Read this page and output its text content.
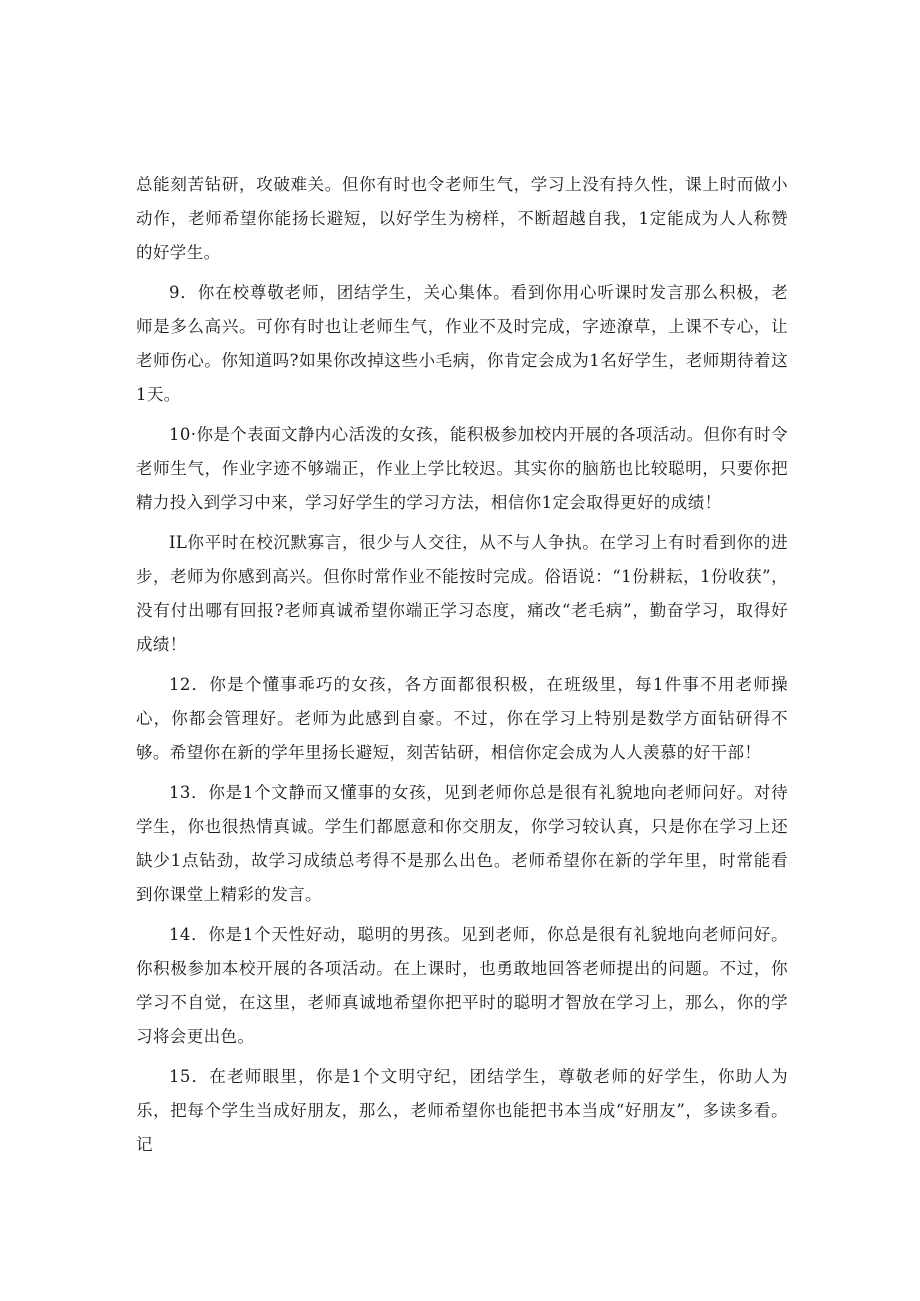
总能刻苦钻研，攻破难关。但你有时也令老师生气，学习上没有持久性，课上时而做小动作，老师希望你能扬长避短，以好学生为榜样，不断超越自我，1定能成为人人称赞的好学生。

9．你在校尊敬老师，团结学生，关心集体。看到你用心听课时发言那么积极，老师是多么高兴。可你有时也让老师生气，作业不及时完成，字迹潦草，上课不专心，让老师伤心。你知道吗?如果你改掉这些小毛病，你肯定会成为1名好学生，老师期待着这1天。

10·你是个表面文静内心活泼的女孩，能积极参加校内开展的各项活动。但你有时令老师生气，作业字迹不够端正，作业上学比较迟。其实你的脑筋也比较聪明，只要你把精力投入到学习中来，学习好学生的学习方法，相信你1定会取得更好的成绩！

IL你平时在校沉默寡言，很少与人交往，从不与人争执。在学习上有时看到你的进步，老师为你感到高兴。但你时常作业不能按时完成。俗语说：“1份耕耘，1份收获”，没有付出哪有回报?老师真诚希望你端正学习态度，痛改“老毛病”，勤奋学习，取得好成绩！

12．你是个懂事乖巧的女孩，各方面都很积极，在班级里，每1件事不用老师操心，你都会管理好。老师为此感到自豪。不过，你在学习上特别是数学方面钻研得不够。希望你在新的学年里扬长避短，刻苦钻研，相信你定会成为人人羡慕的好干部！

13．你是1个文静而又懂事的女孩，见到老师你总是很有礼貌地向老师问好。对待学生，你也很热情真诚。学生们都愿意和你交朋友，你学习较认真，只是你在学习上还缺少1点钻劲，故学习成绩总考得不是那么出色。老师希望你在新的学年里，时常能看到你课堂上精彩的发言。

14．你是1个天性好动，聪明的男孩。见到老师，你总是很有礼貌地向老师问好。你积极参加本校开展的各项活动。在上课时，也勇敢地回答老师提出的问题。不过，你学习不自觉，在这里，老师真诚地希望你把平时的聪明才智放在学习上，那么，你的学习将会更出色。

15．在老师眼里，你是1个文明守纪，团结学生，尊敬老师的好学生，你助人为乐，把每个学生当成好朋友，那么，老师希望你也能把书本当成“好朋友”，多读多看。记
